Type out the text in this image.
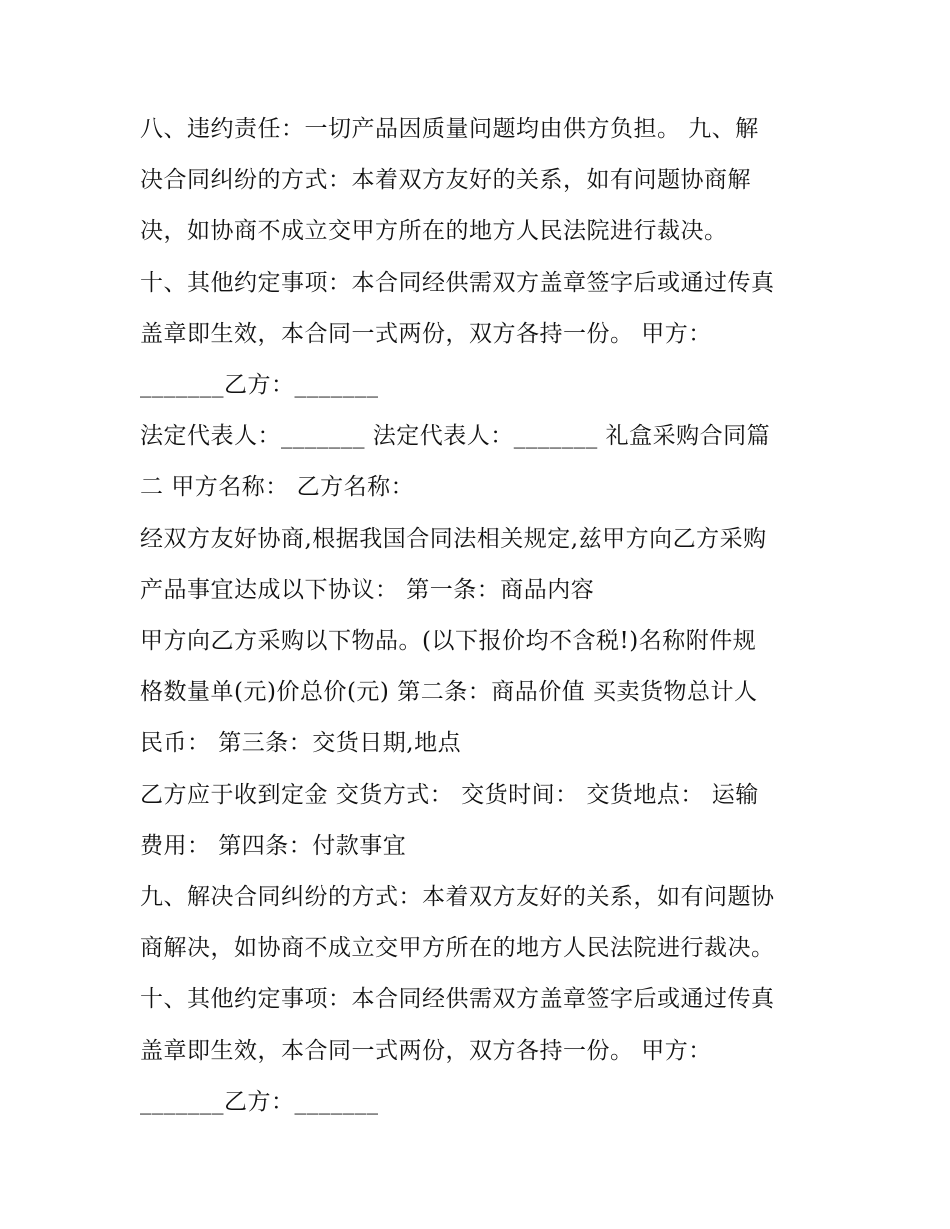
八、违约责任：一切产品因质量问题均由供方负担。 九、解
决合同纠纷的方式：本着双方友好的关系，如有问题协商解
决，如协商不成立交甲方所在的地方人民法院进行裁决。
十、其他约定事项：本合同经供需双方盖章签字后或通过传真
盖章即生效，本合同一式两份，双方各持一份。 甲方：
_______乙方：_______
法定代表人：_______ 法定代表人：_______ 礼盒采购合同篇
二 甲方名称： 乙方名称：
经双方友好协商,根据我国合同法相关规定,兹甲方向乙方采购
产品事宜达成以下协议： 第一条：商品内容
甲方向乙方采购以下物品。(以下报价均不含税!)名称附件规
格数量单(元)价总价(元) 第二条：商品价值 买卖货物总计人
民币： 第三条：交货日期,地点
乙方应于收到定金 交货方式： 交货时间： 交货地点： 运输
费用： 第四条：付款事宜
九、解决合同纠纷的方式：本着双方友好的关系，如有问题协
商解决，如协商不成立交甲方所在的地方人民法院进行裁决。
十、其他约定事项：本合同经供需双方盖章签字后或通过传真
盖章即生效，本合同一式两份，双方各持一份。 甲方：
_______乙方：_______
